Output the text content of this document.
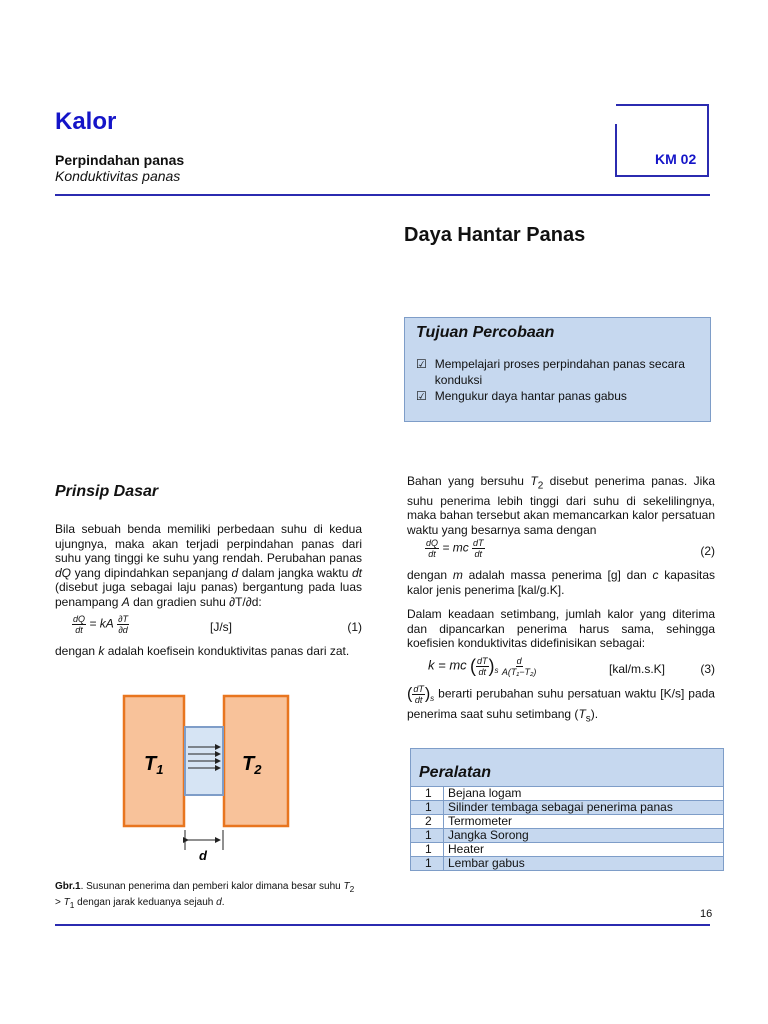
Kalor
Perpindahan panas
Konduktivitas panas
KM 02
Daya Hantar Panas
Tujuan Percobaan
☑ Mempelajari proses perpindahan panas secara konduksi
☑ Mengukur daya hantar panas gabus
Prinsip Dasar
Bila sebuah benda memiliki perbedaan suhu di kedua ujungnya, maka akan terjadi perpindahan panas dari suhu yang tinggi ke suhu yang rendah. Perubahan panas dQ yang dipindahkan sepanjang d dalam jangka waktu dt (disebut juga sebagai laju panas) bergantung pada luas penampang A dan gradien suhu ∂T/∂d:
$\frac{dQ}{dt}$ = kA $\frac{\partial T}{\partial d}$	[J/s]	(1)
dengan k adalah koefisein konduktivitas panas dari zat.
$T_1$	$T_2$
d
Gbr.1. Susunan penerima dan pemberi kalor dimana besar suhu $T_2 > T_1$ dengan jarak keduanya sejauh d.
Bahan yang bersuhu $T_2$ disebut penerima panas. Jika suhu penerima lebih tinggi dari suhu di sekelilingnya, maka bahan tersebut akan memancarkan kalor persatuan waktu yang besarnya sama dengan
$\frac{dQ}{dt}$ = mc $\frac{dT}{dt}$	(2)
dengan m adalah massa penerima [g] dan c kapasitas kalor jenis penerima [kal/g.K].
Dalam keadaan setimbang, jumlah kalor yang diterima dan dipancarkan penerima harus sama, sehingga koefisien konduktivitas didefinisikan sebagai:
k = mc ( $\frac{dT}{dt} )_s \frac{d}{\text{A(T₁−T₂)}}$	[kal/m.s.K]	(3)
( $\frac{dT}{dt} )_s$ berarti perubahan suhu persatuan waktu [K/s] pada penerima saat suhu setimbang $(T_s)$.
Peralatan
1	Bejana logam
1	Silinder tembaga sebagai penerima panas
2	Termometer
1	Jangka Sorong
1	Heater
1	Lembar gabus
16
